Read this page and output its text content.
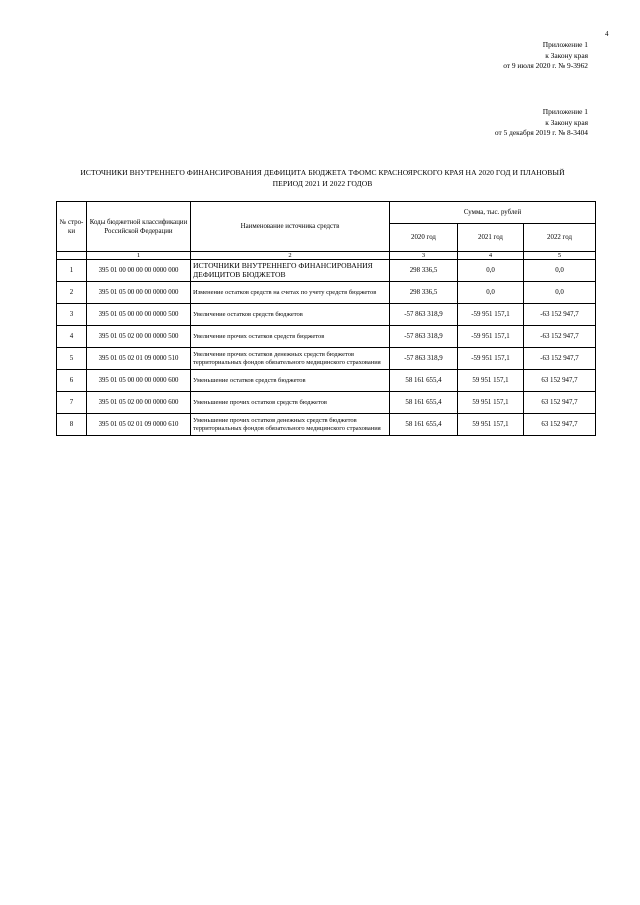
4
Приложение 1
к Закону края
от 9 июля 2020 г. № 9-3962
Приложение 1
к Закону края
от 5 декабря 2019 г. № 8-3404
ИСТОЧНИКИ ВНУТРЕННЕГО ФИНАНСИРОВАНИЯ ДЕФИЦИТА БЮДЖЕТА ТФОМС КРАСНОЯРСКОГО КРАЯ НА 2020 ГОД И ПЛАНОВЫЙ
ПЕРИОД 2021 И 2022 ГОДОВ
№ стро- ки	Коды бюджетной классификации Российской Федерации	Наименование источника средств	Сумма, тыс. рублей		
			2020 год	2021 год	2022 год
	1	2	3	4	5
1	395 01 00 00 00 00 0000 000	ИСТОЧНИКИ ВНУТРЕННЕГО ФИНАНСИРОВАНИЯ ДЕФИЦИТОВ БЮДЖЕТОВ	298 336,5	0,0	0,0
2	395 01 05 00 00 00 0000 000	Изменение остатков средств на счетах по учету средств бюджетов	298 336,5	0,0	0,0
3	395 01 05 00 00 00 0000 500	Увеличение остатков средств бюджетов	-57 863 318,9	-59 951 157,1	-63 152 947,7
4	395 01 05 02 00 00 0000 500	Увеличение прочих остатков средств бюджетов	-57 863 318,9	-59 951 157,1	-63 152 947,7
5	395 01 05 02 01 09 0000 510	Увеличение прочих остатков денежных средств бюджетов территориальных фондов обязательного медицинского страхования	-57 863 318,9	-59 951 157,1	-63 152 947,7
6	395 01 05 00 00 00 0000 600	Уменьшение остатков средств бюджетов	58 161 655,4	59 951 157,1	63 152 947,7
7	395 01 05 02 00 00 0000 600	Уменьшение прочих остатков средств бюджетов	58 161 655,4	59 951 157,1	63 152 947,7
8	395 01 05 02 01 09 0000 610	Уменьшение прочих остатков денежных средств бюджетов территориальных фондов обязательного медицинского страхования	58 161 655,4	59 951 157,1	63 152 947,7
